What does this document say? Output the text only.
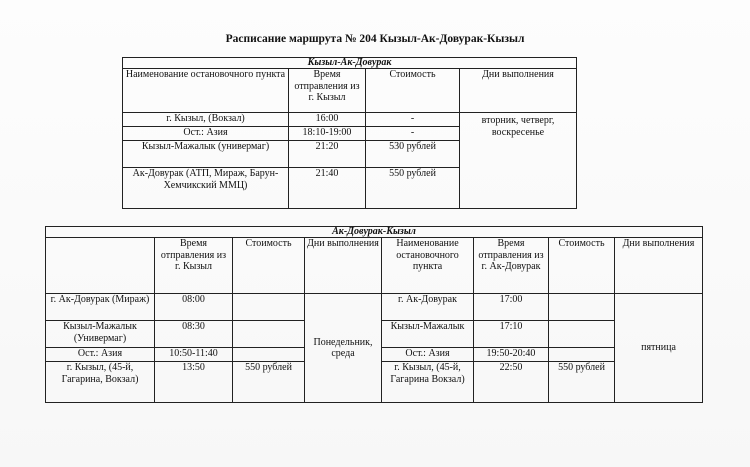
Расписание маршрута № 204 Кызыл-Ак-Довурак-Кызыл
Кызыл-Ак-Довурак			
Наименование остановочного пункта	Время отправления из г. Кызыл	Стоимость	Дни выполнения
г. Кызыл, (Вокзал)	16:00	-	вторник, четверг, воскресенье
Ост.: Азия	18:10-19:00	-	
Кызыл-Мажалык (универмаг)	21:20	530 рублей	
Ак-Довурак (АТП, Мираж, Барун-Хемчикский ММЦ)	21:40	550 рублей	
Ак-Довурак-Кызыл							
	Время отправления из г. Кызыл	Стоимость	Дни выполнения	Наименование остановочного пункта	Время отправления из г. Ак-Довурак	Стоимость	Дни выполнения
г. Ак-Довурак (Мираж)	08:00		Понедельник, среда	г. Ак-Довурак	17:00		пятница
Кызыл-Мажалык (Универмаг)	08:30			Кызыл-Мажалык	17:10		
Ост.: Азия	10:50-11:40			Ост.: Азия	19:50-20:40		
г. Кызыл, (45-й, Гагарина, Вокзал)	13:50	550 рублей		г. Кызыл, (45-й, Гагарина Вокзал)	22:50	550 рублей	
